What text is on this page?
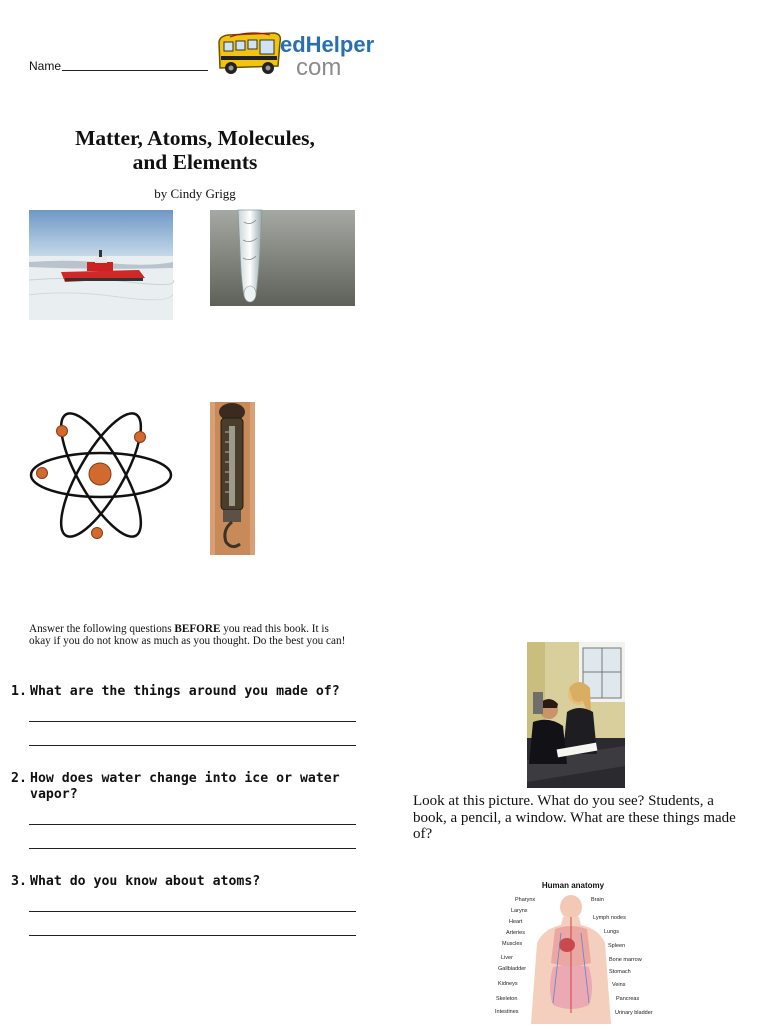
Name
edHelper
com
Matter, Atoms, Molecules,
and Elements
by Cindy Grigg
Answer the following questions BEFORE you read this book. It is okay if you do not know as much as you thought. Do the best you can!
1. What are the things around you made of?
2. How does water change into ice or water vapor?
3. What do you know about atoms?
Look at this picture. What do you see? Students, a book, a pencil, a window. What are these things made of?
Human anatomy
Pharynx
Larynx
Heart
Arteries
Muscles
Liver
Gallbladder
Kidneys
Skeleton
Intestines
Brain
Lymph nodes
Lungs
Spleen
Bone marrow
Stomach
Veins
Pancreas
Urinary bladder
